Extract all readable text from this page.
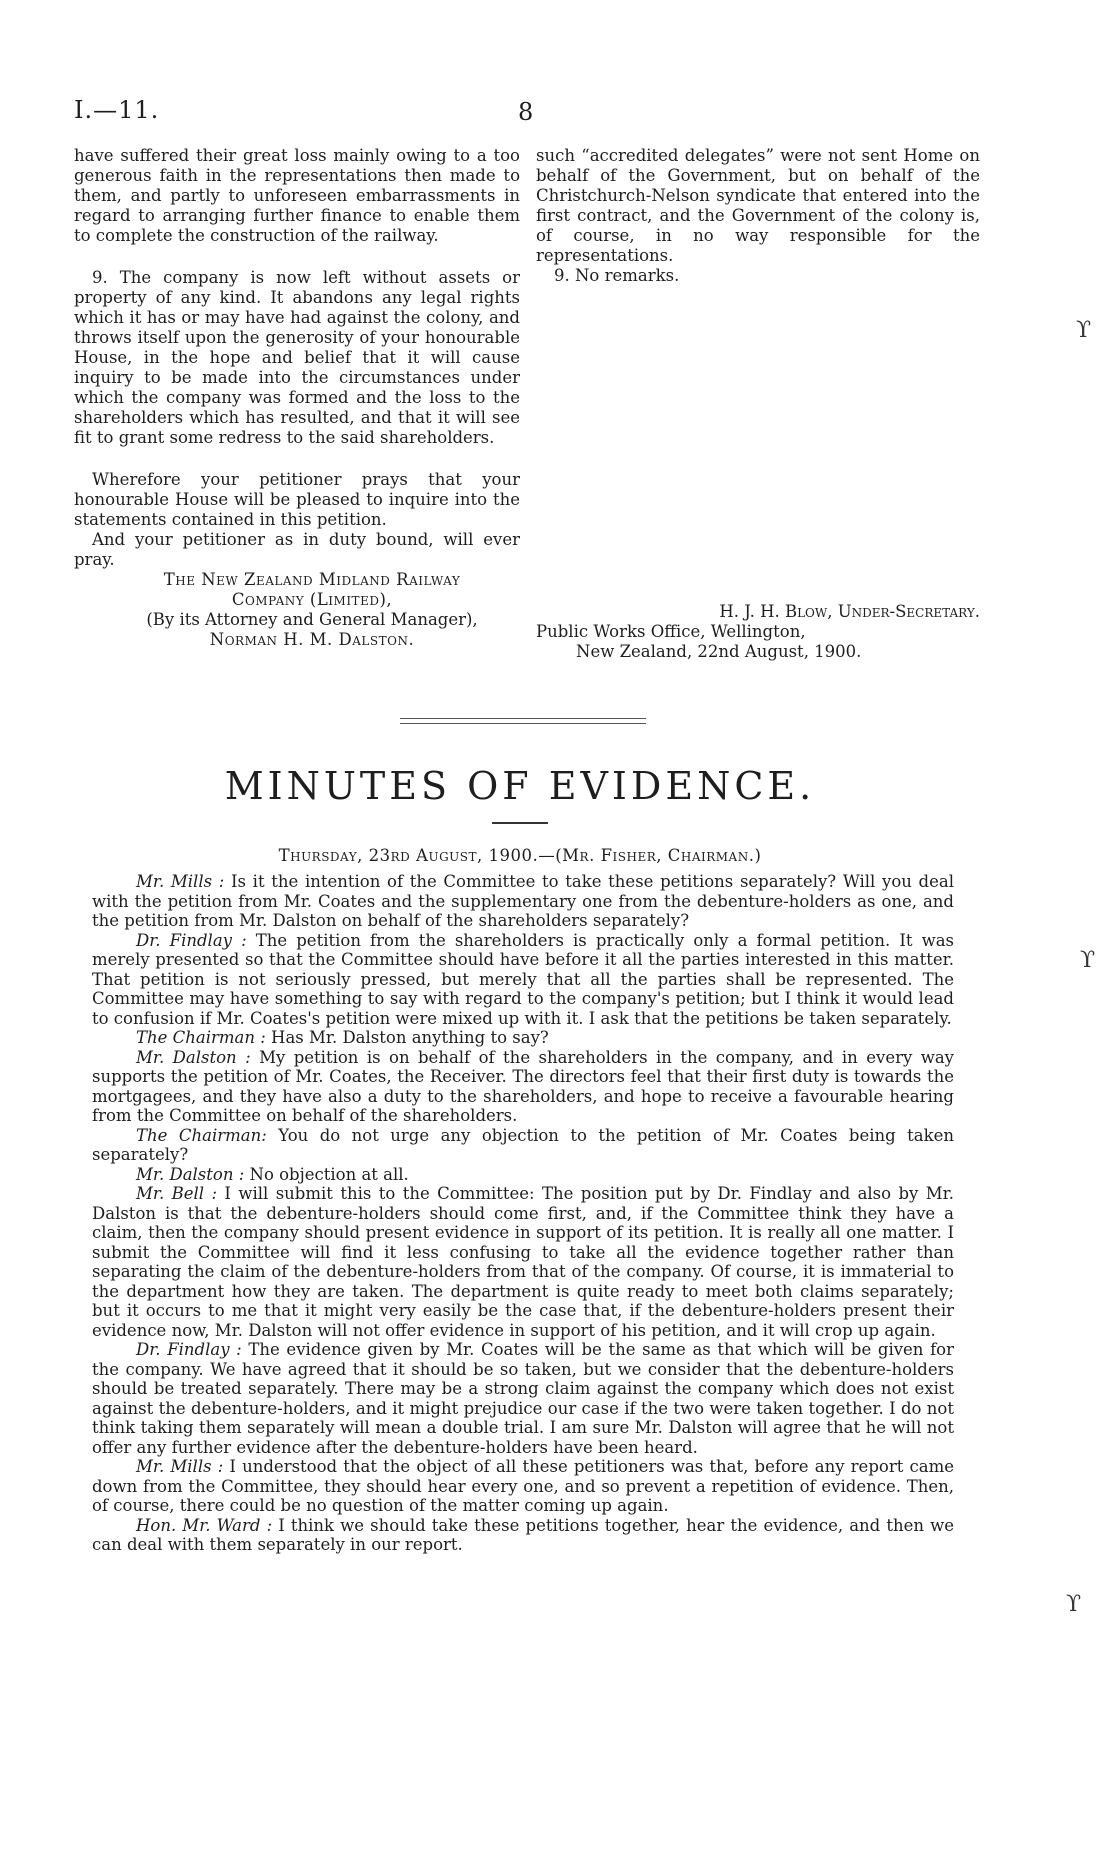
I.—11.	8

have suffered their great loss mainly owing to a too generous faith in the representations then made to them, and partly to unforeseen embarrassments in regard to arranging further finance to enable them to complete the construction of the railway.

9. The company is now left without assets or property of any kind. It abandons any legal rights which it has or may have had against the colony, and throws itself upon the generosity of your honourable House, in the hope and belief that it will cause inquiry to be made into the circumstances under which the company was formed and the loss to the shareholders which has resulted, and that it will see fit to grant some redress to the said shareholders.

Wherefore your petitioner prays that your honourable House will be pleased to inquire into the statements contained in this petition.

And your petitioner as in duty bound, will ever pray.

The New Zealand Midland Railway

Company (Limited),

(By its Attorney and General Manager),

Norman H. M. Dalston.

such “accredited delegates” were not sent Home on behalf of the Government, but on behalf of the Christchurch-Nelson syndicate that entered into the first contract, and the Government of the colony is, of course, in no way responsible for the representations.

9. No remarks.

H. J. H. Blow, Under-Secretary.

Public Works Office, Wellington,

New Zealand, 22nd August, 1900.

MINUTES OF EVIDENCE.
Thursday, 23rd August, 1900.—(Mr. Fisher, Chairman.)

Mr. Mills : Is it the intention of the Committee to take these petitions separately? Will you deal with the petition from Mr. Coates and the supplementary one from the debenture-holders as one, and the petition from Mr. Dalston on behalf of the shareholders separately?

Dr. Findlay : The petition from the shareholders is practically only a formal petition. It was merely presented so that the Committee should have before it all the parties interested in this matter. That petition is not seriously pressed, but merely that all the parties shall be represented. The Committee may have something to say with regard to the company's petition; but I think it would lead to confusion if Mr. Coates's petition were mixed up with it. I ask that the petitions be taken separately.

The Chairman : Has Mr. Dalston anything to say?

Mr. Dalston : My petition is on behalf of the shareholders in the company, and in every way supports the petition of Mr. Coates, the Receiver. The directors feel that their first duty is towards the mortgagees, and they have also a duty to the shareholders, and hope to receive a favourable hearing from the Committee on behalf of the shareholders.

The Chairman: You do not urge any objection to the petition of Mr. Coates being taken separately?

Mr. Dalston : No objection at all.

Mr. Bell : I will submit this to the Committee: The position put by Dr. Findlay and also by Mr. Dalston is that the debenture-holders should come first, and, if the Committee think they have a claim, then the company should present evidence in support of its petition. It is really all one matter. I submit the Committee will find it less confusing to take all the evidence together rather than separating the claim of the debenture-holders from that of the company. Of course, it is immaterial to the department how they are taken. The department is quite ready to meet both claims separately; but it occurs to me that it might very easily be the case that, if the debenture-holders present their evidence now, Mr. Dalston will not offer evidence in support of his petition, and it will crop up again.

Dr. Findlay : The evidence given by Mr. Coates will be the same as that which will be given for the company. We have agreed that it should be so taken, but we consider that the debenture-holders should be treated separately. There may be a strong claim against the company which does not exist against the debenture-holders, and it might prejudice our case if the two were taken together. I do not think taking them separately will mean a double trial. I am sure Mr. Dalston will agree that he will not offer any further evidence after the debenture-holders have been heard.

Mr. Mills : I understood that the object of all these petitioners was that, before any report came down from the Committee, they should hear every one, and so prevent a repetition of evidence. Then, of course, there could be no question of the matter coming up again.

Hon. Mr. Ward : I think we should take these petitions together, hear the evidence, and then we can deal with them separately in our report.

ϒ
ϒ
ϒ
